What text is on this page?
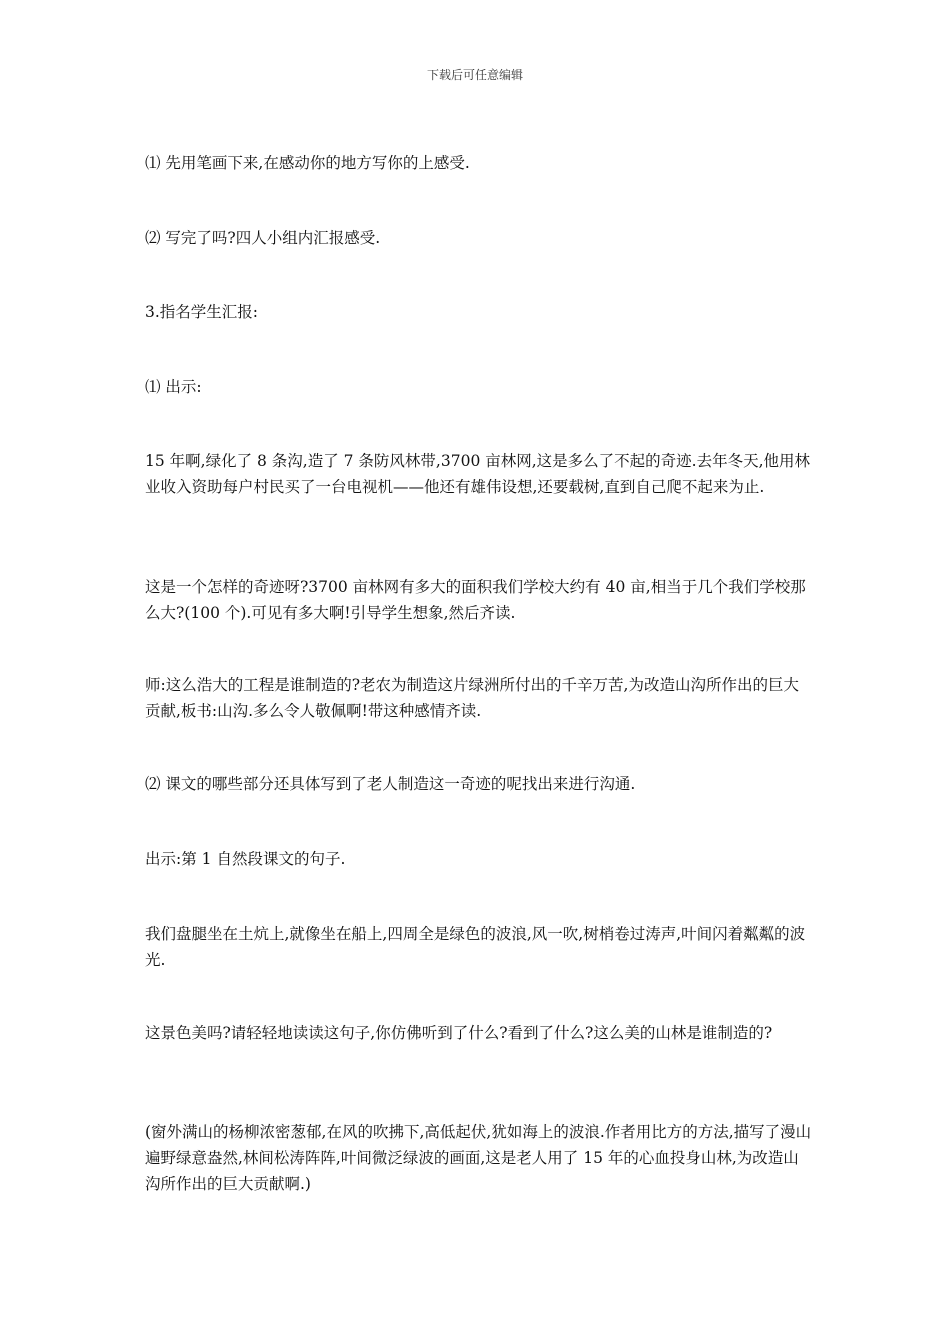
下载后可任意编辑

⑴ 先用笔画下来,在感动你的地方写你的上感受.

⑵ 写完了吗?四人小组内汇报感受.

3.指名学生汇报:

⑴ 出示:

15 年啊,绿化了 8 条沟,造了 7 条防风林带,3700 亩林网,这是多么了不起的奇迹.去年冬天,他用林业收入资助每户村民买了一台电视机——他还有雄伟设想,还要载树,直到自己爬不起来为止.

这是一个怎样的奇迹呀?3700 亩林网有多大的面积我们学校大约有 40 亩,相当于几个我们学校那么大?(100 个).可见有多大啊!引导学生想象,然后齐读.

师:这么浩大的工程是谁制造的?老农为制造这片绿洲所付出的千辛万苦,为改造山沟所作出的巨大贡献,板书:山沟.多么令人敬佩啊!带这种感情齐读.

⑵ 课文的哪些部分还具体写到了老人制造这一奇迹的呢找出来进行沟通.

出示:第 1 自然段课文的句子.

我们盘腿坐在土炕上,就像坐在船上,四周全是绿色的波浪,风一吹,树梢卷过涛声,叶间闪着粼粼的波光.

这景色美吗?请轻轻地读读这句子,你仿佛听到了什么?看到了什么?这么美的山林是谁制造的?

(窗外满山的杨柳浓密葱郁,在风的吹拂下,高低起伏,犹如海上的波浪.作者用比方的方法,描写了漫山遍野绿意盎然,林间松涛阵阵,叶间微泛绿波的画面,这是老人用了 15 年的心血投身山林,为改造山沟所作出的巨大贡献啊.)
